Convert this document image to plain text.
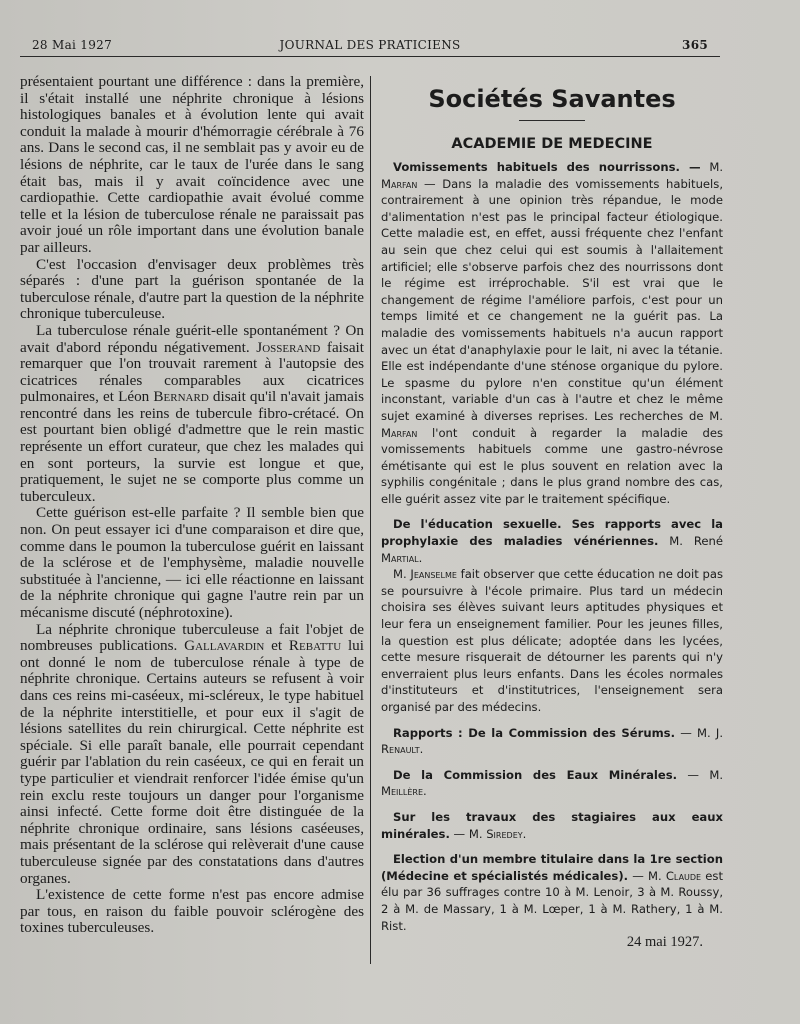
28 Mai 1927	JOURNAL DES PRATICIENS	365

présentaient pourtant une différence : dans la première, il s'était installé une néphrite chronique à lésions histologiques banales et à évolution lente qui avait conduit la malade à mourir d'hémorragie cérébrale à 76 ans. Dans le second cas, il ne semblait pas y avoir eu de lésions de néphrite, car le taux de l'urée dans le sang était bas, mais il y avait coïncidence avec une cardiopathie. Cette cardiopathie avait évolué comme telle et la lésion de tuberculose rénale ne paraissait pas avoir joué un rôle important dans une évolution banale par ailleurs.

C'est l'occasion d'envisager deux problèmes très séparés : d'une part la guérison spontanée de la tuberculose rénale, d'autre part la question de la néphrite chronique tuberculeuse.

La tuberculose rénale guérit-elle spontanément ? On avait d'abord répondu négativement. Josserand faisait remarquer que l'on trouvait rarement à l'autopsie des cicatrices rénales comparables aux cicatrices pulmonaires, et Léon Bernard disait qu'il n'avait jamais rencontré dans les reins de tubercule fibro-crétacé. On est pourtant bien obligé d'admettre que le rein mastic représente un effort curateur, que chez les malades qui en sont porteurs, la survie est longue et que, pratiquement, le sujet ne se comporte plus comme un tuberculeux.

Cette guérison est-elle parfaite ? Il semble bien que non. On peut essayer ici d'une comparaison et dire que, comme dans le poumon la tuberculose guérit en laissant de la sclérose et de l'emphysème, maladie nouvelle substituée à l'ancienne, — ici elle réactionne en laissant de la néphrite chronique qui gagne l'autre rein par un mécanisme discuté (néphrotoxine).

La néphrite chronique tuberculeuse a fait l'objet de nombreuses publications. Gallavardin et Rebattu lui ont donné le nom de tuberculose rénale à type de néphrite chronique. Certains auteurs se refusent à voir dans ces reins mi-caséeux, mi-scléreux, le type habituel de la néphrite interstitielle, et pour eux il s'agit de lésions satellites du rein chirurgical. Cette néphrite est spéciale. Si elle paraît banale, elle pourrait cependant guérir par l'ablation du rein caséeux, ce qui en ferait un type particulier et viendrait renforcer l'idée émise qu'un rein exclu reste toujours un danger pour l'organisme ainsi infecté. Cette forme doit être distinguée de la néphrite chronique ordinaire, sans lésions caséeuses, mais présentant de la sclérose qui relèverait d'une cause tuberculeuse signée par des constatations dans d'autres organes.

L'existence de cette forme n'est pas encore admise par tous, en raison du faible pouvoir sclérogène des toxines tuberculeuses.

Sociétés Savantes
ACADEMIE DE MEDECINE

Vomissements habituels des nourrissons. — M. Marfan — Dans la maladie des vomissements habituels, contrairement à une opinion très répandue, le mode d'alimentation n'est pas le principal facteur étiologique. Cette maladie est, en effet, aussi fréquente chez l'enfant au sein que chez celui qui est soumis à l'allaitement artificiel; elle s'observe parfois chez des nourrissons dont le régime est irréprochable. S'il est vrai que le changement de régime l'améliore parfois, c'est pour un temps limité et ce changement ne la guérit pas. La maladie des vomissements habituels n'a aucun rapport avec un état d'anaphylaxie pour le lait, ni avec la tétanie. Elle est indépendante d'une sténose organique du pylore. Le spasme du pylore n'en constitue qu'un élément inconstant, variable d'un cas à l'autre et chez le même sujet examiné à diverses reprises. Les recherches de M. Marfan l'ont conduit à regarder la maladie des vomissements habituels comme une gastro-névrose émétisante qui est le plus souvent en relation avec la syphilis congénitale ; dans le plus grand nombre des cas, elle guérit assez vite par le traitement spécifique.

De l'éducation sexuelle. Ses rapports avec la prophylaxie des maladies vénériennes. M. René Martial.

M. Jeanselme fait observer que cette éducation ne doit pas se poursuivre à l'école primaire. Plus tard un médecin choisira ses élèves suivant leurs aptitudes physiques et leur fera un enseignement familier. Pour les jeunes filles, la question est plus délicate; adoptée dans les lycées, cette mesure risquerait de détourner les parents qui n'y enverraient plus leurs enfants. Dans les écoles normales d'instituteurs et d'institutrices, l'enseignement sera organisé par des médecins.

Rapports : De la Commission des Sérums. — M. J. Renault.

De la Commission des Eaux Minérales. — M. Meillère.

Sur les travaux des stagiaires aux eaux minérales. — M. Siredey.

Election d'un membre titulaire dans la 1re section (Médecine et spécialistés médicales). — M. Claude est élu par 36 suffrages contre 10 à M. Lenoir, 3 à M. Roussy, 2 à M. de Massary, 1 à M. Lœper, 1 à M. Rathery, 1 à M. Rist.

24 mai 1927.
